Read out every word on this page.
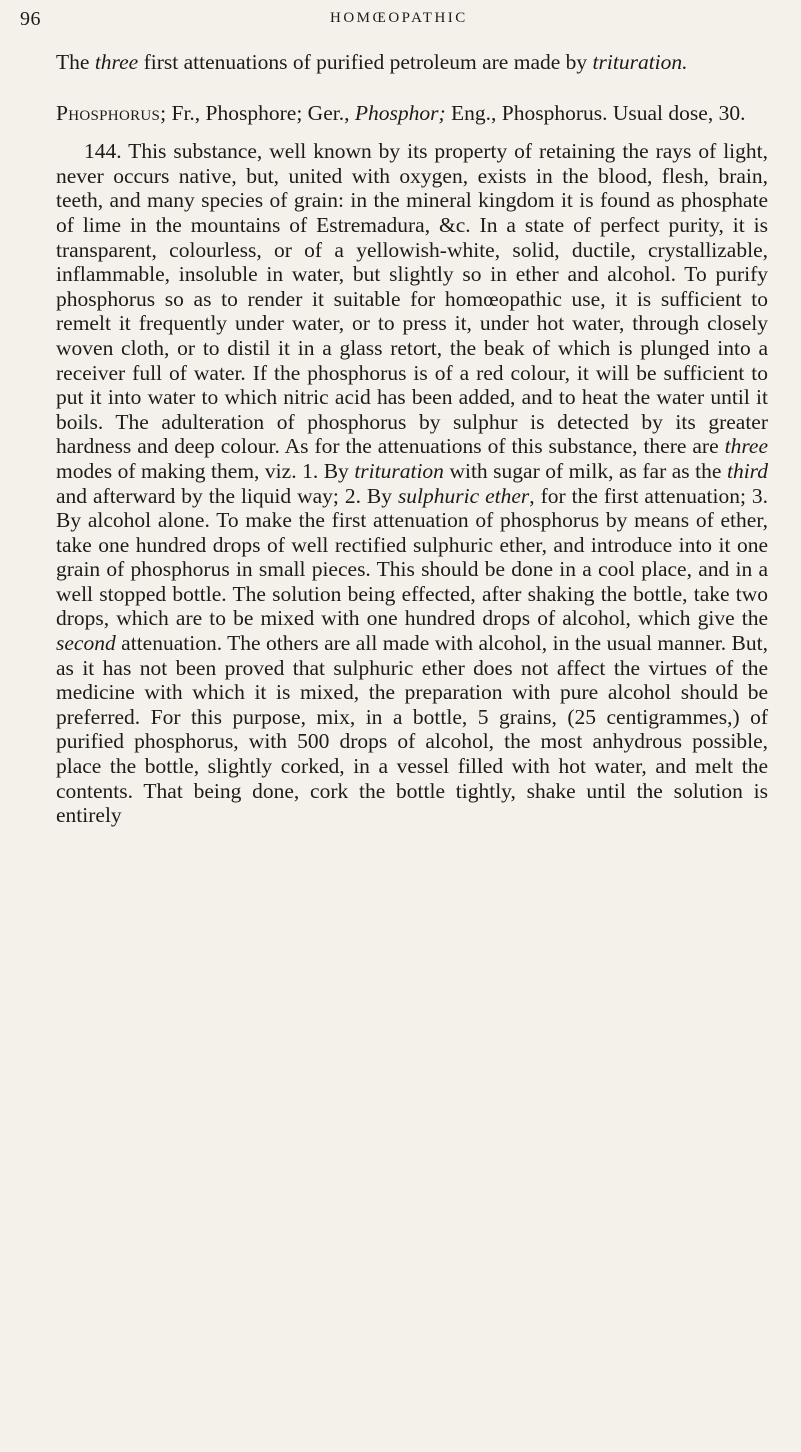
96	HOMŒOPATHIC

The three first attenuations of purified petroleum are made by trituration.

Phosphorus; Fr., Phosphore; Ger., Phosphor; Eng., Phosphorus. Usual dose, 30.

144. This substance, well known by its property of retaining the rays of light, never occurs native, but, united with oxygen, exists in the blood, flesh, brain, teeth, and many species of grain: in the mineral kingdom it is found as phosphate of lime in the mountains of Estremadura, &c. In a state of perfect purity, it is transparent, colourless, or of a yellowish-white, solid, ductile, crystallizable, inflammable, insoluble in water, but slightly so in ether and alcohol. To purify phosphorus so as to render it suitable for homœopathic use, it is sufficient to remelt it frequently under water, or to press it, under hot water, through closely woven cloth, or to distil it in a glass retort, the beak of which is plunged into a receiver full of water. If the phosphorus is of a red colour, it will be sufficient to put it into water to which nitric acid has been added, and to heat the water until it boils. The adulteration of phosphorus by sulphur is detected by its greater hardness and deep colour. As for the attenuations of this substance, there are three modes of making them, viz. 1. By trituration with sugar of milk, as far as the third and afterward by the liquid way; 2. By sulphuric ether, for the first attenuation; 3. By alcohol alone. To make the first attenuation of phosphorus by means of ether, take one hundred drops of well rectified sulphuric ether, and introduce into it one grain of phosphorus in small pieces. This should be done in a cool place, and in a well stopped bottle. The solution being effected, after shaking the bottle, take two drops, which are to be mixed with one hundred drops of alcohol, which give the second attenuation. The others are all made with alcohol, in the usual manner. But, as it has not been proved that sulphuric ether does not affect the virtues of the medicine with which it is mixed, the preparation with pure alcohol should be preferred. For this purpose, mix, in a bottle, 5 grains, (25 centigrammes,) of purified phosphorus, with 500 drops of alcohol, the most anhydrous possible, place the bottle, slightly corked, in a vessel filled with hot water, and melt the contents. That being done, cork the bottle tightly, shake until the solution is entirely
